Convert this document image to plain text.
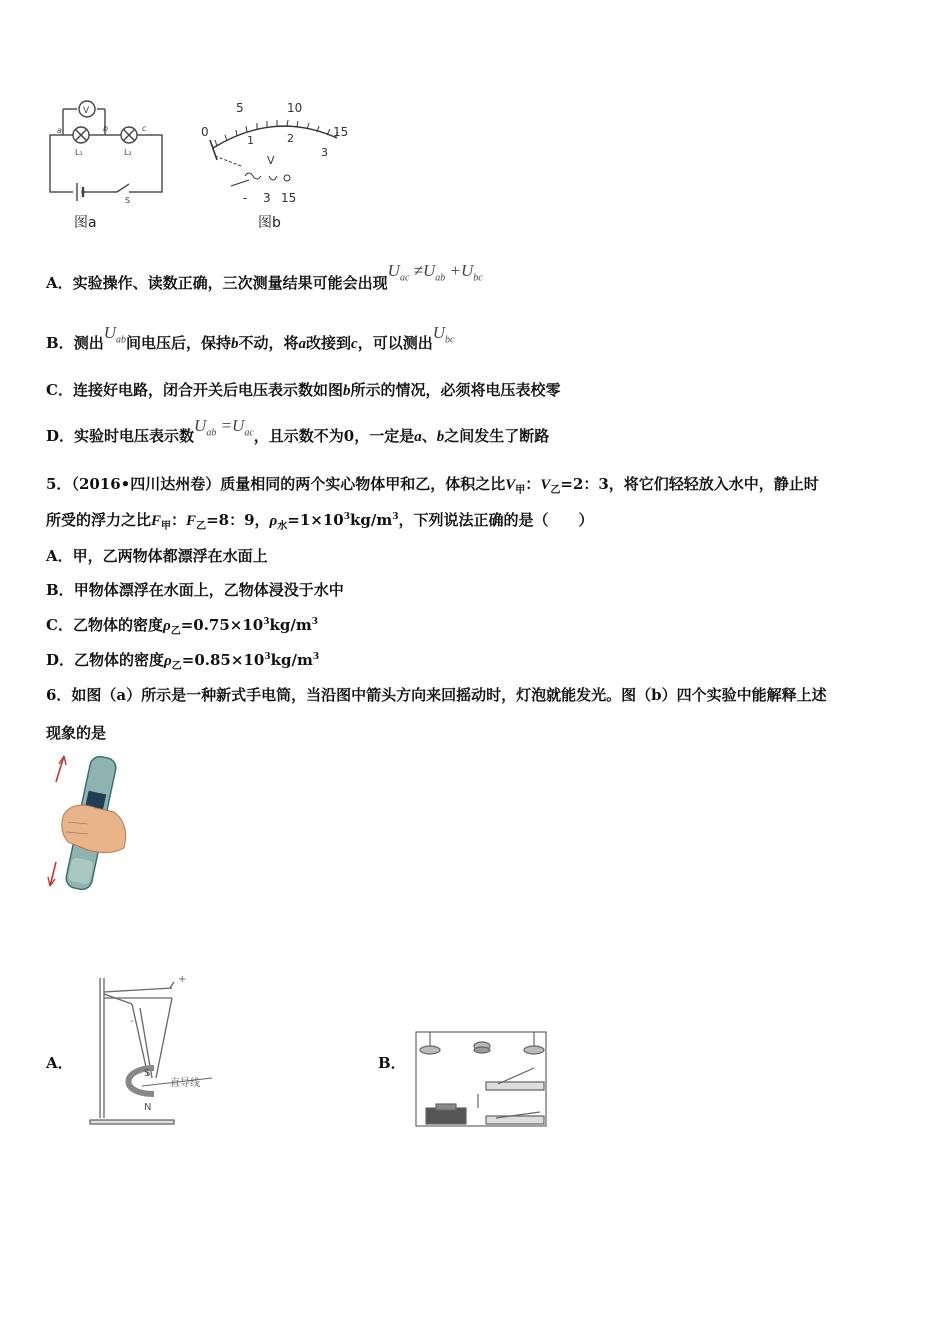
V
a	b	c
L₁	L₂
S
图a
0
5	10
15
1	2
3
V
- 3 15
图b
A．实验操作、读数正确，三次测量结果可能会出现$U_{ac} \ne U_{ab} +U_{bc}$
B．测出$U_{ab}$间电压后，保持b不动，将a改接到c，可以测出$U_{bc}$
C．连接好电路，闭合开关后电压表示数如图b所示的情况，必须将电压表校零
D．实验时电压表示数$U_{ab} =U_{ac}$，且示数不为0，一定是a、b之间发生了断路
5．（2016•四川达州卷）质量相同的两个实心物体甲和乙，体积之比$V_甲$：$V_乙=2$：3，将它们轻轻放入水中，静止时
所受的浮力之比$F_甲$：$F_乙=8$：9，$\rho_水=1\times 10^3kg/m^3$，下列说法正确的是（　　）
A．甲，乙两物体都漂浮在水面上
B．甲物体漂浮在水面上，乙物体浸没于水中
C．乙物体的密度$\rho_乙=0.75\times 10^3kg/m^3$
D．乙物体的密度$\rho_乙=0.85\times 10^3kg/m^3$
6．如图（a）所示是一种新式手电筒，当沿图中箭头方向来回摇动时，灯泡就能发光。图（b）四个实验中能解释上述
现象的是
A．
+
-
S
N
直导线
B．
